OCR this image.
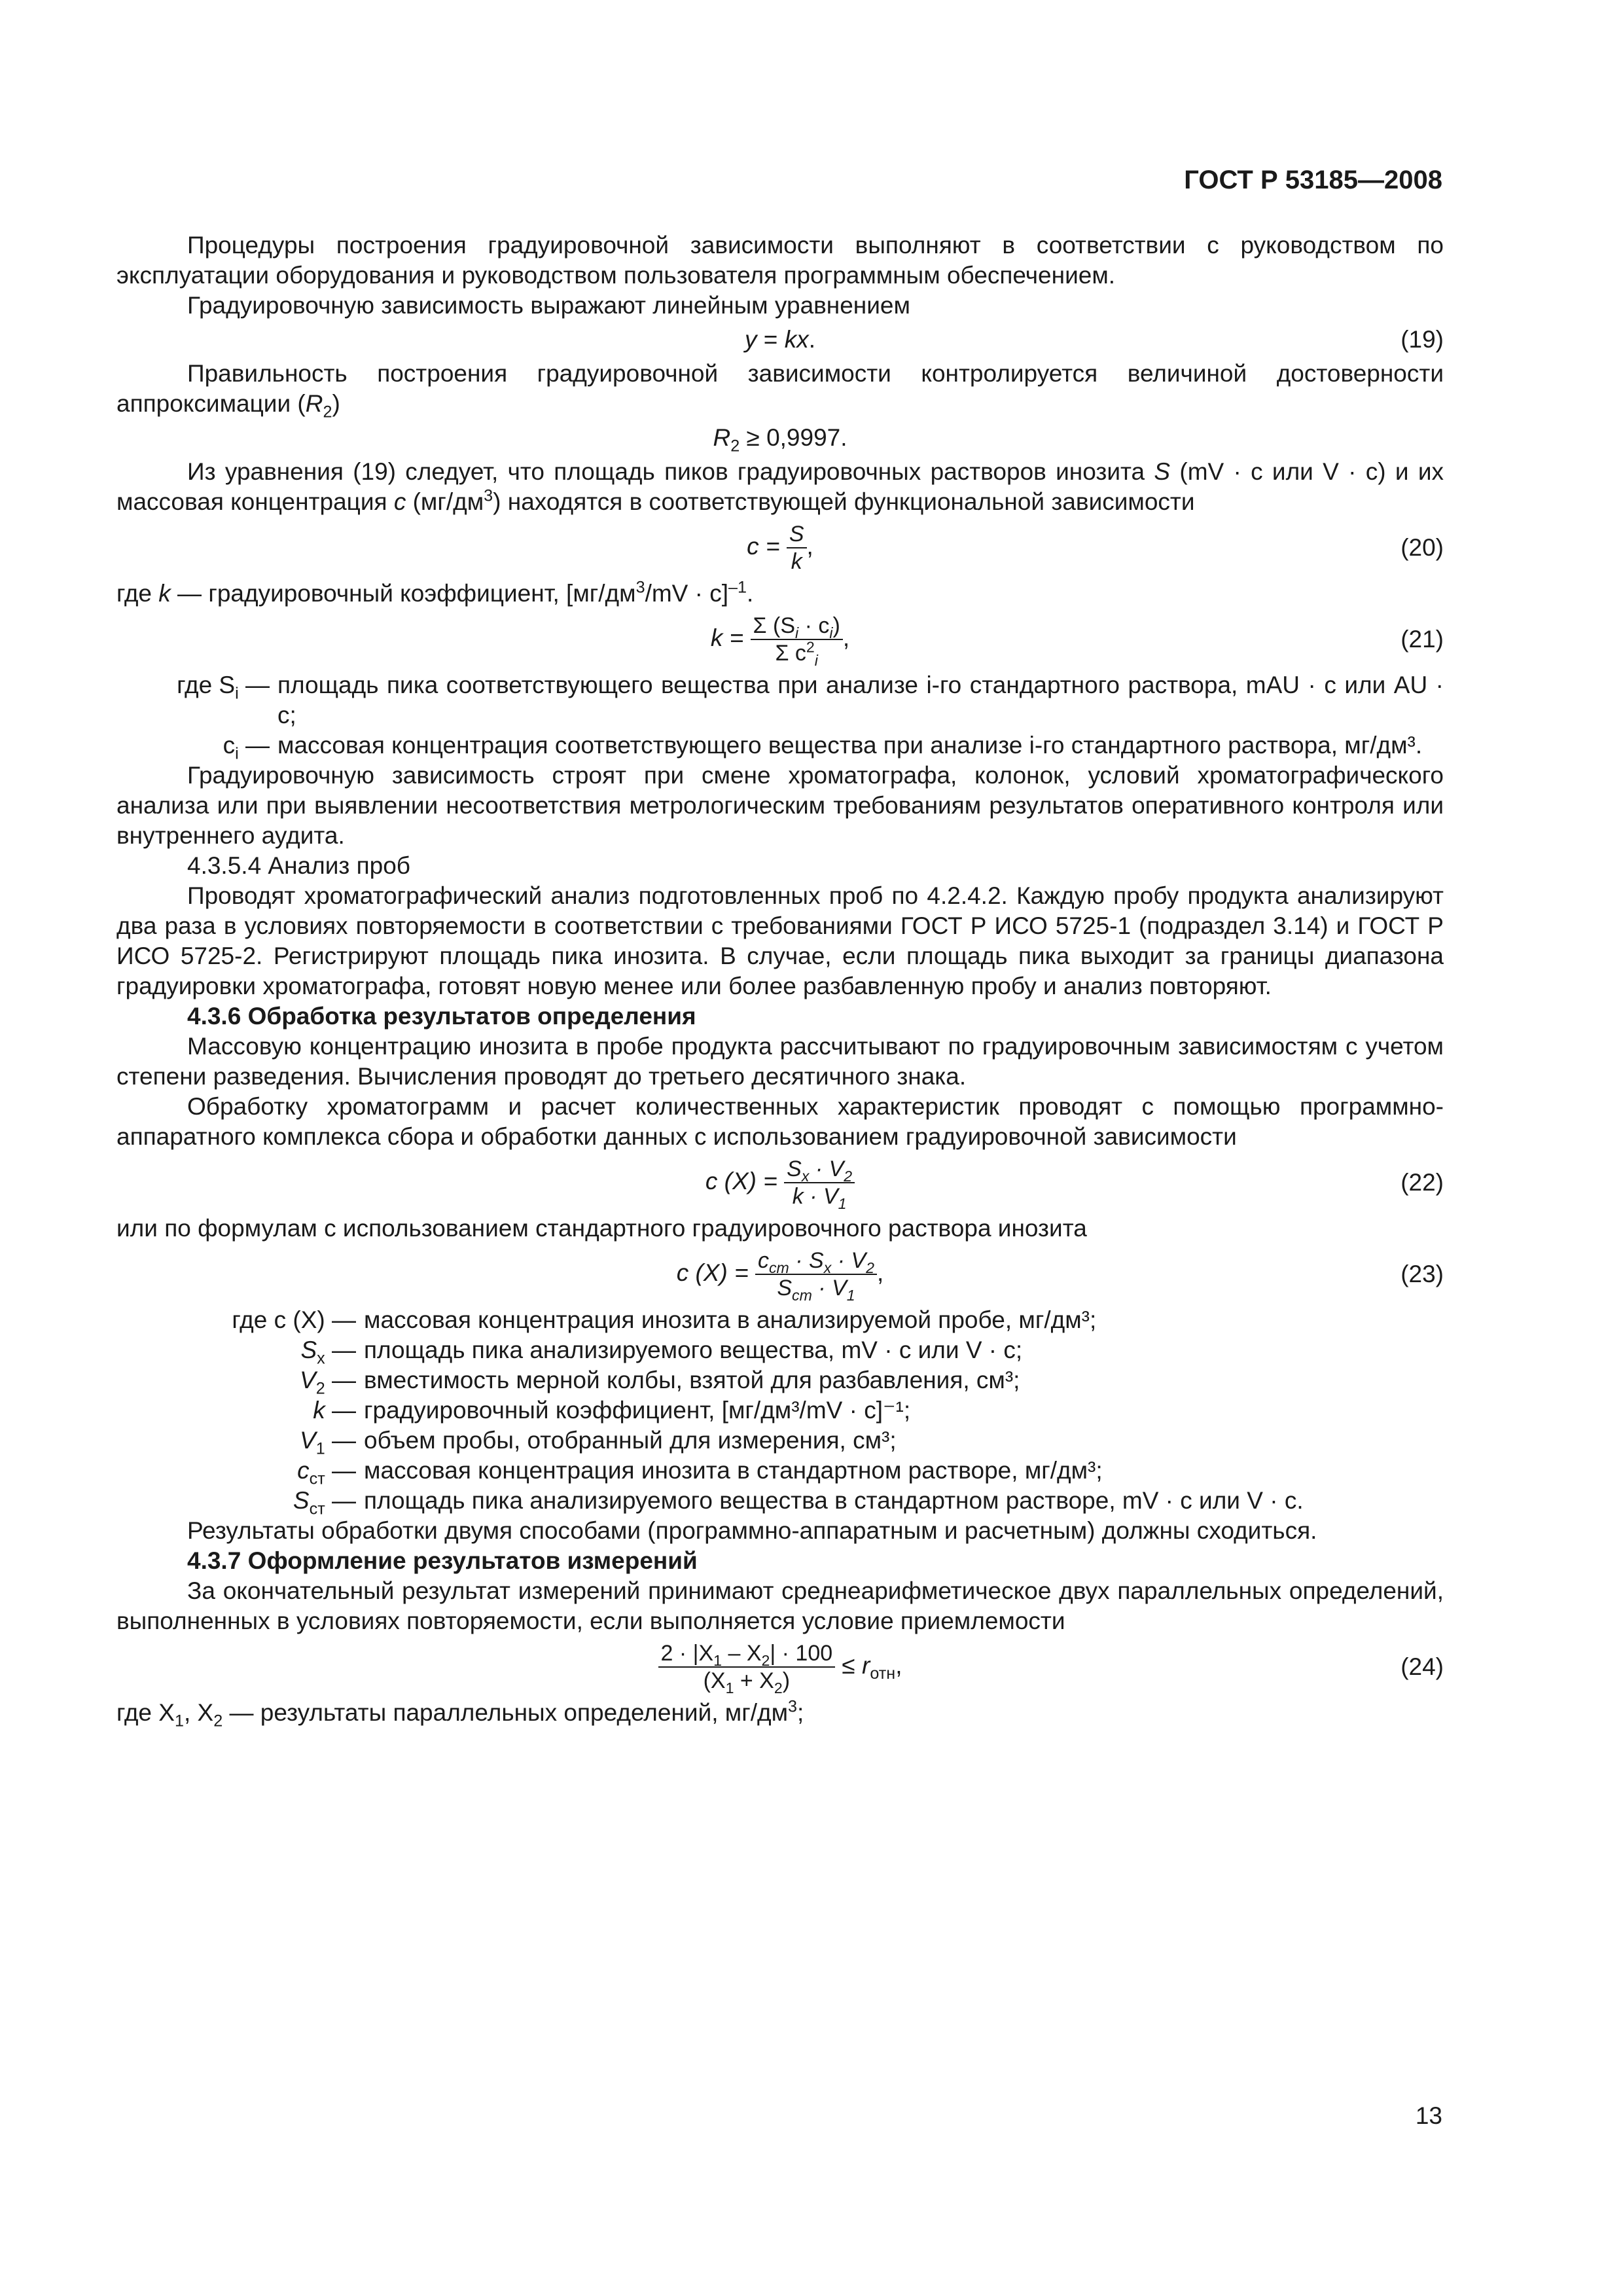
ГОСТ Р 53185—2008

Процедуры построения градуировочной зависимости выполняют в соответствии с руководством по эксплуатации оборудования и руководством пользователя программным обеспечением.

Градуировочную зависимость выражают линейным уравнением

y = kx.	(19)

Правильность построения градуировочной зависимости контролируется величиной достоверности аппроксимации $(R_2)$

$R_2 \ge 0,9997$.

Из уравнения (19) следует, что площадь пиков градуировочных растворов инозита S (mV · с или V · с) и их массовая концентрация с $(мг/дм^3)$ находятся в соответствующей функциональной зависимости

$c = \frac{S}{k}$ ,	(20)

где k — градуировочный коэффициент, $[мг/дм^3/mV \cdot с]^{-1}$.

$k = \frac{\Sigma (S_i \cdot c_i)}{\Sigma c^2_i}$ ,	(21)
где $S_i$ — площадь пика соответствующего вещества при анализе i-го стандартного раствора, mAU · с или AU · с;
$c_i$ — массовая концентрация соответствующего вещества при анализе i-го стандартного раствора, мг/дм³.

Градуировочную зависимость строят при смене хроматографа, колонок, условий хроматографического анализа или при выявлении несоответствия метрологическим требованиям результатов оперативного контроля или внутреннего аудита.

4.3.5.4 Анализ проб

Проводят хроматографический анализ подготовленных проб по 4.2.4.2. Каждую пробу продукта анализируют два раза в условиях повторяемости в соответствии с требованиями ГОСТ Р ИСО 5725-1 (подраздел 3.14) и ГОСТ Р ИСО 5725-2. Регистрируют площадь пика инозита. В случае, если площадь пика выходит за границы диапазона градуировки хроматографа, готовят новую менее или более разбавленную пробу и анализ повторяют.

4.3.6 Обработка результатов определения

Массовую концентрацию инозита в пробе продукта рассчитывают по градуировочным зависимостям с учетом степени разведения. Вычисления проводят до третьего десятичного знака.

Обработку хроматограмм и расчет количественных характеристик проводят с помощью программно-аппаратного комплекса сбора и обработки данных с использованием градуировочной зависимости

c $(X) = \frac{S_x \cdot V_2}{k \cdot V_1}$	(22)

или по формулам с использованием стандартного градуировочного раствора инозита

c $(X) = \frac{c_{ст} \cdot S_x \cdot V_2}{S_{ст} \cdot V_1}$ ,	(23)
где c (X) — массовая концентрация инозита в анализируемой пробе, мг/дм³;
$S_x$ — площадь пика анализируемого вещества, mV · с или V · с;
$V_2$ — вместимость мерной колбы, взятой для разбавления, см³;
k — градуировочный коэффициент, [мг/дм³/mV · с]⁻¹;
$V_1$ — объем пробы, отобранный для измерения, см³;
$c_{ст}$ — массовая концентрация инозита в стандартном растворе, мг/дм³;
$S_{ст}$ — площадь пика анализируемого вещества в стандартном растворе, mV · с или V · с.

Результаты обработки двумя способами (программно-аппаратным и расчетным) должны сходиться.

4.3.7 Оформление результатов измерений

За окончательный результат измерений принимают среднеарифметическое двух параллельных определений, выполненных в условиях повторяемости, если выполняется условие приемлемости

$\frac{2 \cdot |X_1 - X_2| \cdot 100}{(X_1 + X_2)} \le r_{отн}$,	(24)

где $X_1$, $X_2$ — результаты параллельных определений, $мг/дм^3$;

13
